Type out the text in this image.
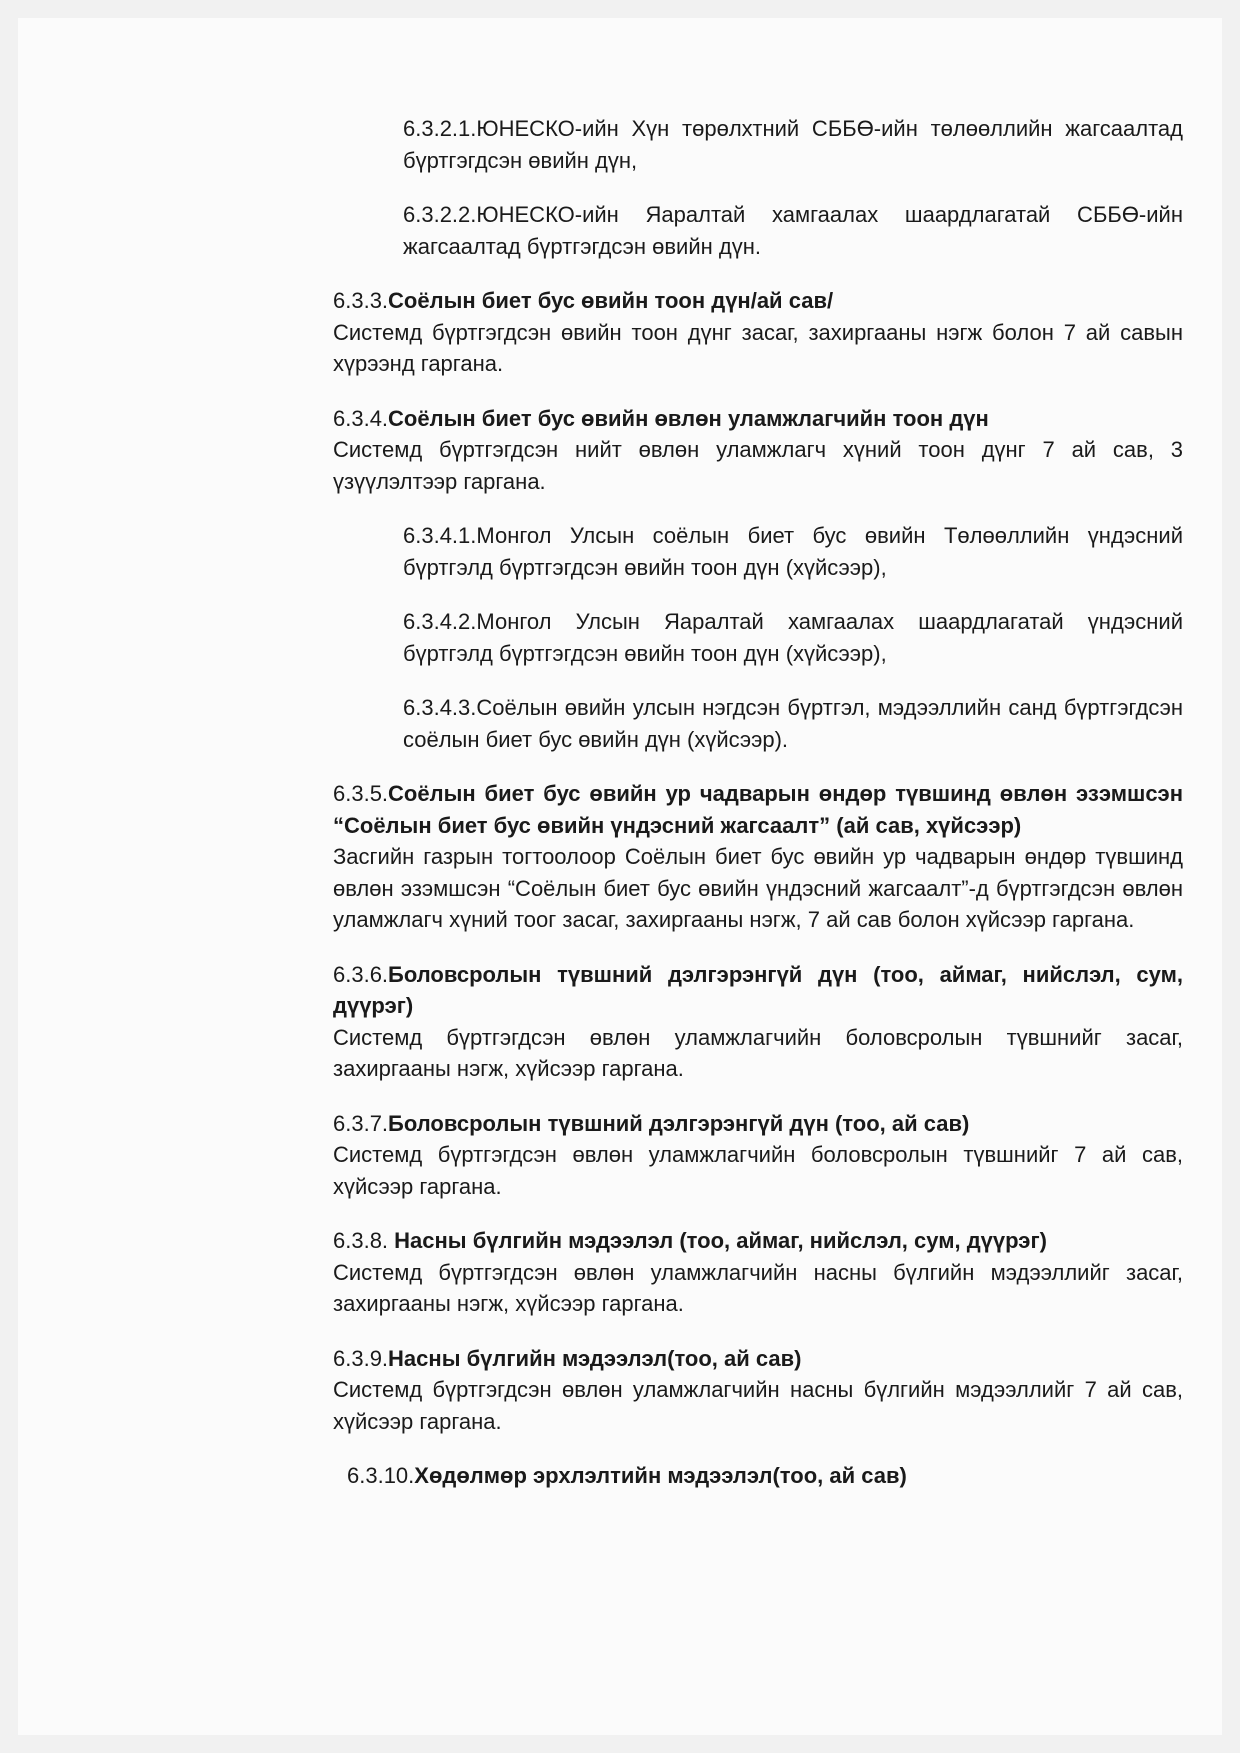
6.3.2.1.ЮНЕСКО-ийн Хүн төрөлхтний СББӨ-ийн төлөөллийн жагсаалтад бүртгэгдсэн өвийн дүн,
6.3.2.2.ЮНЕСКО-ийн Яаралтай хамгаалах шаардлагатай СББӨ-ийн жагсаалтад бүртгэгдсэн өвийн дүн.
6.3.3.Соёлын биет бус өвийн тоон дүн/ай сав/
Системд бүртгэгдсэн өвийн тоон дүнг засаг, захиргааны нэгж болон 7 ай савын хүрээнд гаргана.
6.3.4.Соёлын биет бус өвийн өвлөн уламжлагчийн тоон дүн
Системд бүртгэгдсэн нийт өвлөн уламжлагч хүний тоон дүнг 7 ай сав, 3 үзүүлэлтээр гаргана.
6.3.4.1.Монгол Улсын соёлын биет бус өвийн Төлөөллийн үндэсний бүртгэлд бүртгэгдсэн өвийн тоон дүн (хүйсээр),
6.3.4.2.Монгол Улсын Яаралтай хамгаалах шаардлагатай үндэсний бүртгэлд бүртгэгдсэн өвийн тоон дүн (хүйсээр),
6.3.4.3.Соёлын өвийн улсын нэгдсэн бүртгэл, мэдээллийн санд бүртгэгдсэн соёлын биет бус өвийн дүн (хүйсээр).
6.3.5.Соёлын биет бус өвийн ур чадварын өндөр түвшинд өвлөн эзэмшсэн “Соёлын биет бус өвийн үндэсний жагсаалт” (ай сав, хүйсээр)
Засгийн газрын тогтоолоор Соёлын биет бус өвийн ур чадварын өндөр түвшинд өвлөн эзэмшсэн “Соёлын биет бус өвийн үндэсний жагсаалт”-д бүртгэгдсэн өвлөн уламжлагч хүний тоог засаг, захиргааны нэгж, 7 ай сав болон хүйсээр гаргана.
6.3.6.Боловсролын түвшний дэлгэрэнгүй дүн (тоо, аймаг, нийслэл, сум, дүүрэг)
Системд бүртгэгдсэн өвлөн уламжлагчийн боловсролын түвшнийг засаг, захиргааны нэгж, хүйсээр гаргана.
6.3.7.Боловсролын түвшний дэлгэрэнгүй дүн (тоо, ай сав)
Системд бүртгэгдсэн өвлөн уламжлагчийн боловсролын түвшнийг 7 ай сав, хүйсээр гаргана.
6.3.8. Насны бүлгийн мэдээлэл (тоо, аймаг, нийслэл, сум, дүүрэг)
Системд бүртгэгдсэн өвлөн уламжлагчийн насны бүлгийн мэдээллийг засаг, захиргааны нэгж, хүйсээр гаргана.
6.3.9.Насны бүлгийн мэдээлэл(тоо, ай сав)
Системд бүртгэгдсэн өвлөн уламжлагчийн насны бүлгийн мэдээллийг 7 ай сав, хүйсээр гаргана.
6.3.10.Хөдөлмөр эрхлэлтийн мэдээлэл(тоо, ай сав)
